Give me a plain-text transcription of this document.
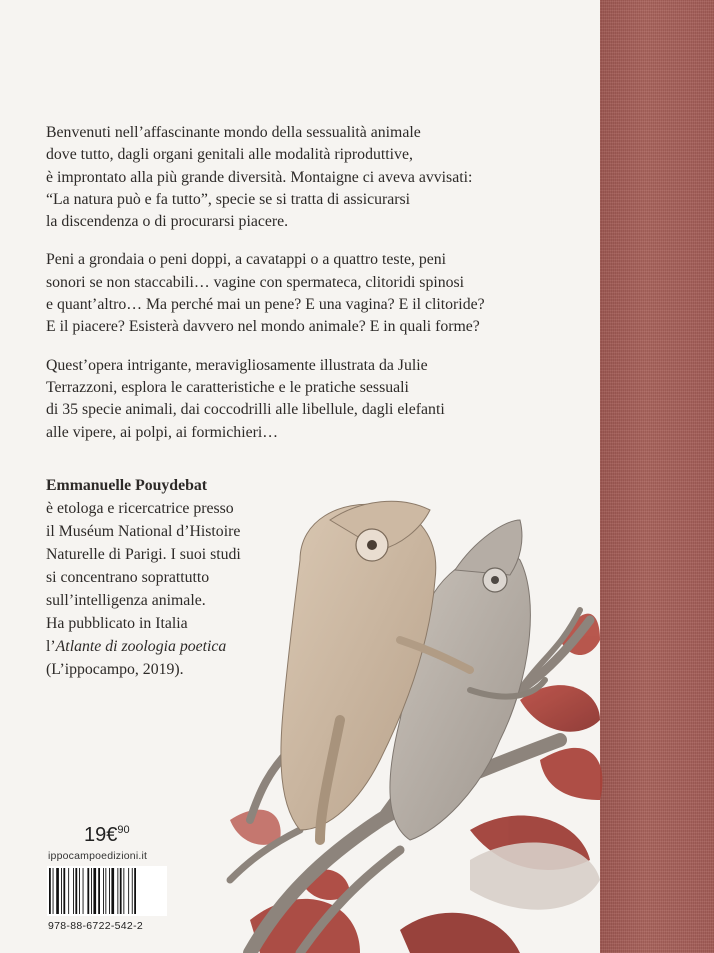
Benvenuti nell’affascinante mondo della sessualità animale
dove tutto, dagli organi genitali alle modalità riproduttive,
è improntato alla più grande diversità. Montaigne ci aveva avvisati:
“La natura può e fa tutto”, specie se si tratta di assicurarsi
la discendenza o di procurarsi piacere.

Peni a grondaia o peni doppi, a cavatappi o a quattro teste, peni
sonori se non staccabili… vagine con spermateca, clitoridi spinosi
e quant’altro… Ma perché mai un pene? E una vagina? E il clitoride?
E il piacere? Esisterà davvero nel mondo animale? E in quali forme?

Quest’opera intrigante, meravigliosamente illustrata da Julie
Terrazzoni, esplora le caratteristiche e le pratiche sessuali
di 35 specie animali, dai coccodrilli alle libellule, dagli elefanti
alle vipere, ai polpi, ai formichieri…

Emmanuelle Pouydebat
è etologa e ricercatrice presso
il Muséum National d’Histoire
Naturelle di Parigi. I suoi studi
si concentrano soprattutto
sull’intelligenza animale.
Ha pubblicato in Italia
l’Atlante di zoologia poetica
(L’ippocampo, 2019).
19€$^{90}$
ippocampoedizioni.it
978-88-6722-542-2
